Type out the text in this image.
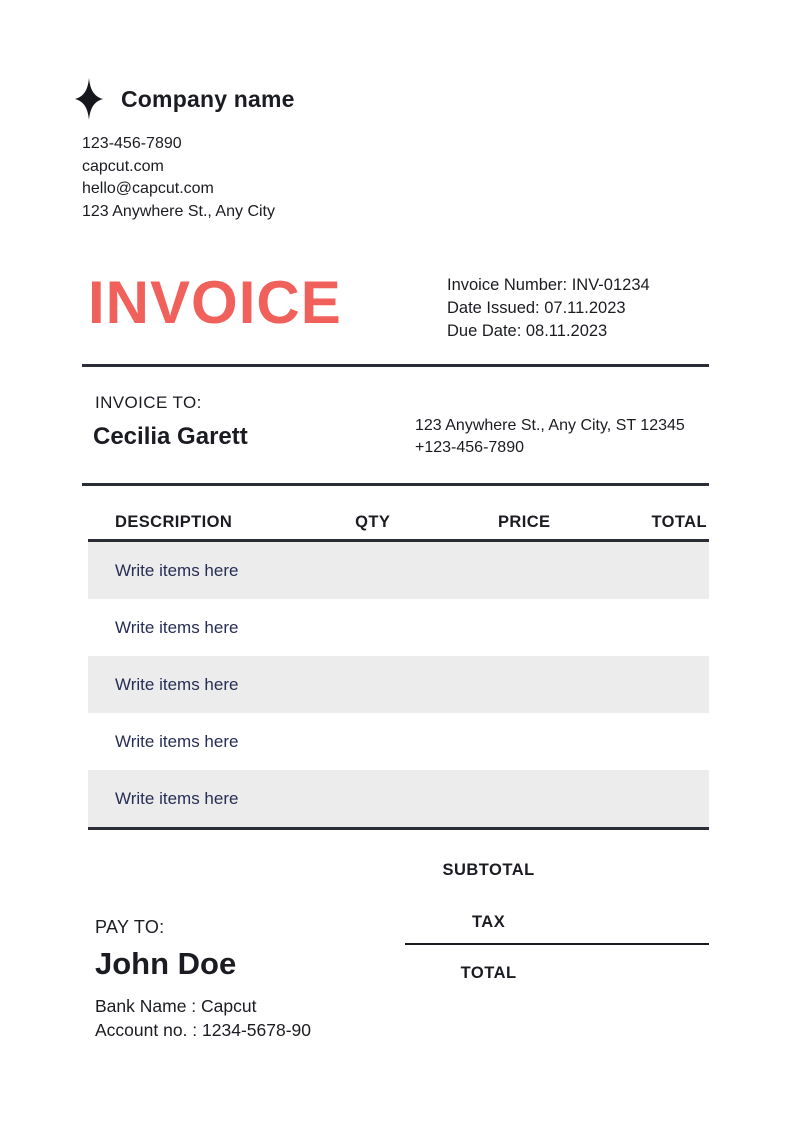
Company name
123-456-7890
capcut.com
hello@capcut.com
123 Anywhere St., Any City
INVOICE	Invoice Number: INV-01234
Date Issued: 07.11.2023
Due Date: 08.11.2023
INVOICE TO:
Cecilia Garett	123 Anywhere St., Any City, ST 12345
+123-456-7890
DESCRIPTION	QTY	PRICE	TOTAL
Write items here
Write items here
Write items here
Write items here
Write items here
PAY TO:
John Doe
Bank Name : Capcut
Account no. : 1234-5678-90
SUBTOTAL
TAX
TOTAL
